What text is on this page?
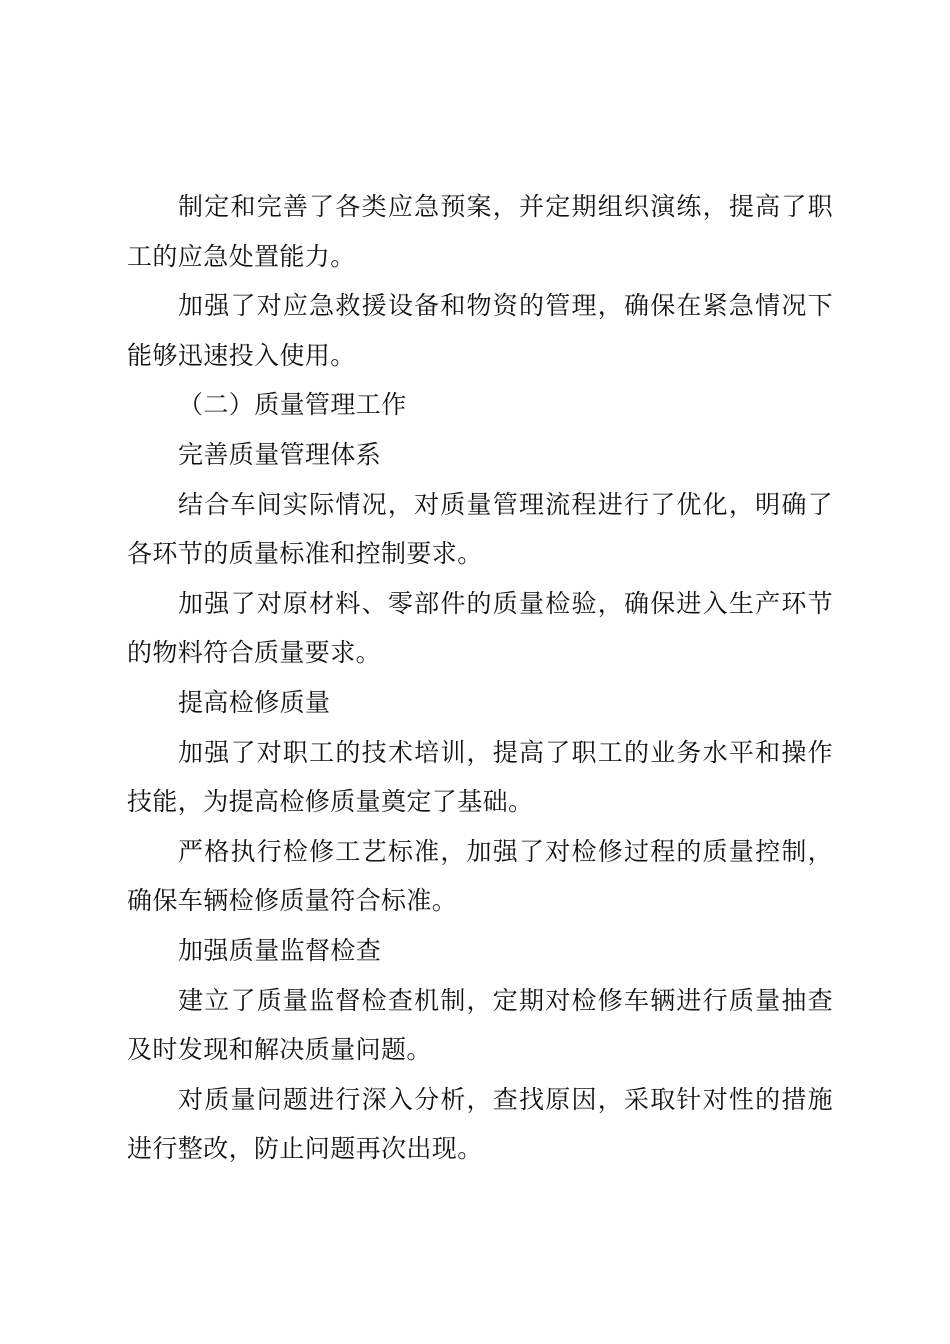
制定和完善了各类应急预案，并定期组织演练，提高了职工的应急处置能力。

加强了对应急救援设备和物资的管理，确保在紧急情况下能够迅速投入使用。

（二）质量管理工作

完善质量管理体系

结合车间实际情况，对质量管理流程进行了优化，明确了各环节的质量标准和控制要求。

加强了对原材料、零部件的质量检验，确保进入生产环节的物料符合质量要求。

提高检修质量

加强了对职工的技术培训，提高了职工的业务水平和操作技能，为提高检修质量奠定了基础。

严格执行检修工艺标准，加强了对检修过程的质量控制，确保车辆检修质量符合标准。

加强质量监督检查

建立了质量监督检查机制，定期对检修车辆进行质量抽查及时发现和解决质量问题。

对质量问题进行深入分析，查找原因，采取针对性的措施进行整改，防止问题再次出现。
